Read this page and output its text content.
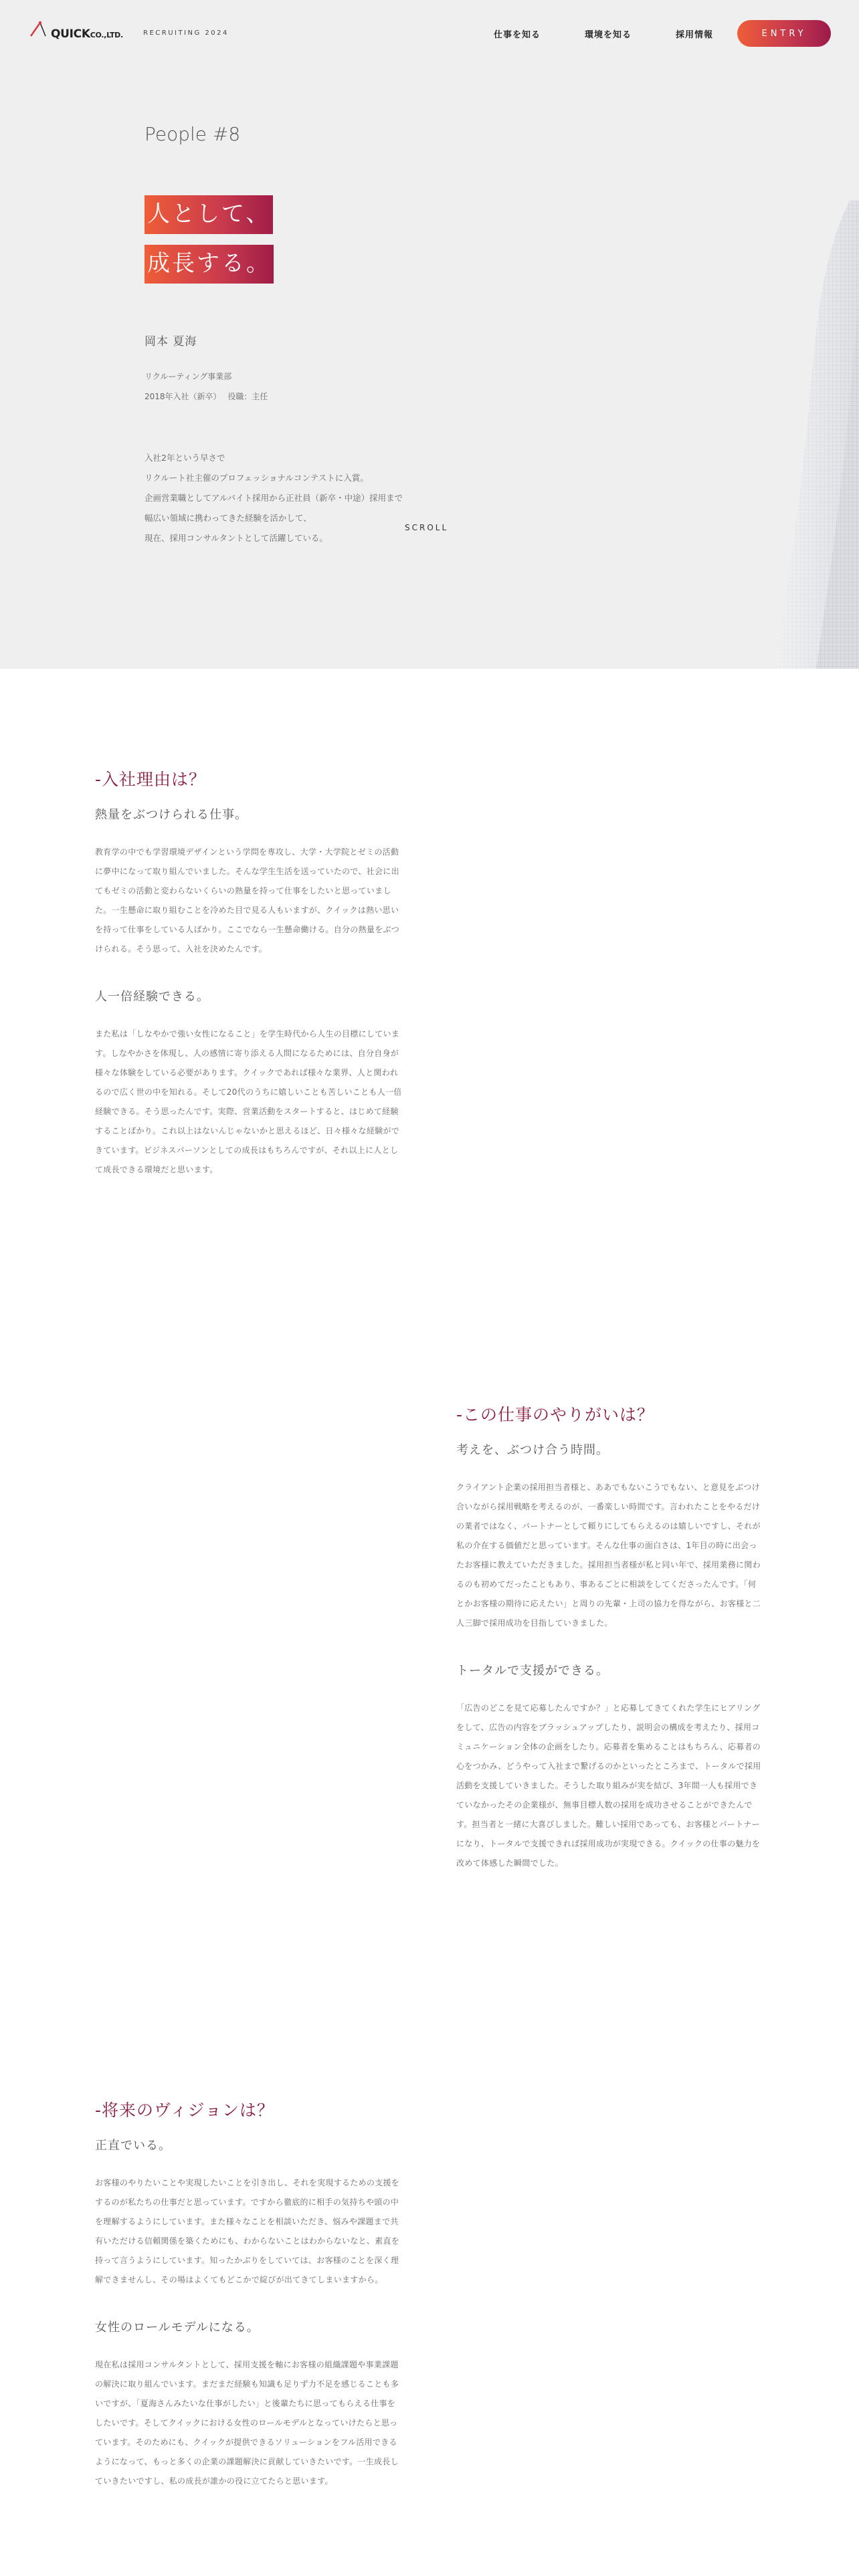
People #8
人として、
成長する。
岡本 夏海
リクルーティング事業部
2018年入社（新卒） 役職：主任
入社2年という早さで
リクルート社主催のプロフェッショナルコンテストに入賞。
企画営業職としてアルバイト採用から正社員（新卒・中途）採用まで
幅広い領域に携わってきた経験を活かして、
現在、採用コンサルタントとして活躍している。
SCROLL
QUICKCO.,LTD.	RECRUITING 2024	仕事を知る	環境を知る	採用情報	ENTRY
-入社理由は？
熱量をぶつけられる仕事。

教育学の中でも学習環境デザインという学問を専攻し、大学・大学院とゼミの活動に夢中になって取り組んでいました。そんな学生生活を送っていたので、社会に出てもゼミの活動と変わらないくらいの熱量を持って仕事をしたいと思っていました。一生懸命に取り組むことを冷めた目で見る人もいますが、クイックは熱い思いを持って仕事をしている人ばかり。ここでなら一生懸命働ける。自分の熱量をぶつけられる。そう思って、入社を決めたんです。

人一倍経験できる。

また私は「しなやかで強い女性になること」を学生時代から人生の目標にしています。しなやかさを体現し、人の感情に寄り添える人間になるためには、自分自身が様々な体験をしている必要があります。クイックであれば様々な業界、人と関われるので広く世の中を知れる。そして20代のうちに嬉しいことも苦しいことも人一倍経験できる。そう思ったんです。実際、営業活動をスタートすると、はじめて経験することばかり。これ以上はないんじゃないかと思えるほど、日々様々な経験ができています。ビジネスパーソンとしての成長はもちろんですが、それ以上に人として成長できる環境だと思います。

-この仕事のやりがいは？
考えを、ぶつけ合う時間。

クライアント企業の採用担当者様と、ああでもないこうでもない、と意見をぶつけ合いながら採用戦略を考えるのが、一番楽しい時間です。言われたことをやるだけの業者ではなく、パートナーとして頼りにしてもらえるのは嬉しいですし、それが私の介在する価値だと思っています。そんな仕事の面白さは、1年目の時に出会ったお客様に教えていただきました。採用担当者様が私と同い年で、採用業務に関わるのも初めてだったこともあり、事あるごとに相談をしてくださったんです。「何とかお客様の期待に応えたい」と周りの先輩・上司の協力を得ながら、お客様と二人三脚で採用成功を目指していきました。

トータルで支援ができる。

「広告のどこを見て応募したんですか？」と応募してきてくれた学生にヒアリングをして、広告の内容をブラッシュアップしたり、説明会の構成を考えたり、採用コミュニケーション全体の企画をしたり。応募者を集めることはもちろん、応募者の心をつかみ、どうやって入社まで繋げるのかといったところまで、トータルで採用活動を支援していきました。そうした取り組みが実を結び、3年間一人も採用できていなかったその企業様が、無事目標人数の採用を成功させることができたんです。担当者と一緒に大喜びしました。難しい採用であっても、お客様とパートナーになり、トータルで支援できれば採用成功が実現できる。クイックの仕事の魅力を改めて体感した瞬間でした。

-将来のヴィジョンは？
正直でいる。

お客様のやりたいことや実現したいことを引き出し、それを実現するための支援をするのが私たちの仕事だと思っています。ですから徹底的に相手の気持ちや頭の中を理解するようにしています。また様々なことを相談いただき、悩みや課題まで共有いただける信頼関係を築くためにも、わからないことはわからないなと、素直を持って言うようにしています。知ったかぶりをしていては、お客様のことを深く理解できませんし、その場はよくてもどこかで綻びが出てきてしまいますから。

女性のロールモデルになる。

現在私は採用コンサルタントとして、採用支援を軸にお客様の組織課題や事業課題の解決に取り組んでいます。まだまだ経験も知識も足りず力不足を感じることも多いですが、「夏海さんみたいな仕事がしたい」と後輩たちに思ってもらえる仕事をしたいです。そしてクイックにおける女性のロールモデルとなっていけたらと思っています。そのためにも、クイックが提供できるソリューションをフル活用できるようになって、もっと多くの企業の課題解決に貢献していきたいです。一生成長していきたいですし、私の成長が誰かの役に立てたらと思います。
